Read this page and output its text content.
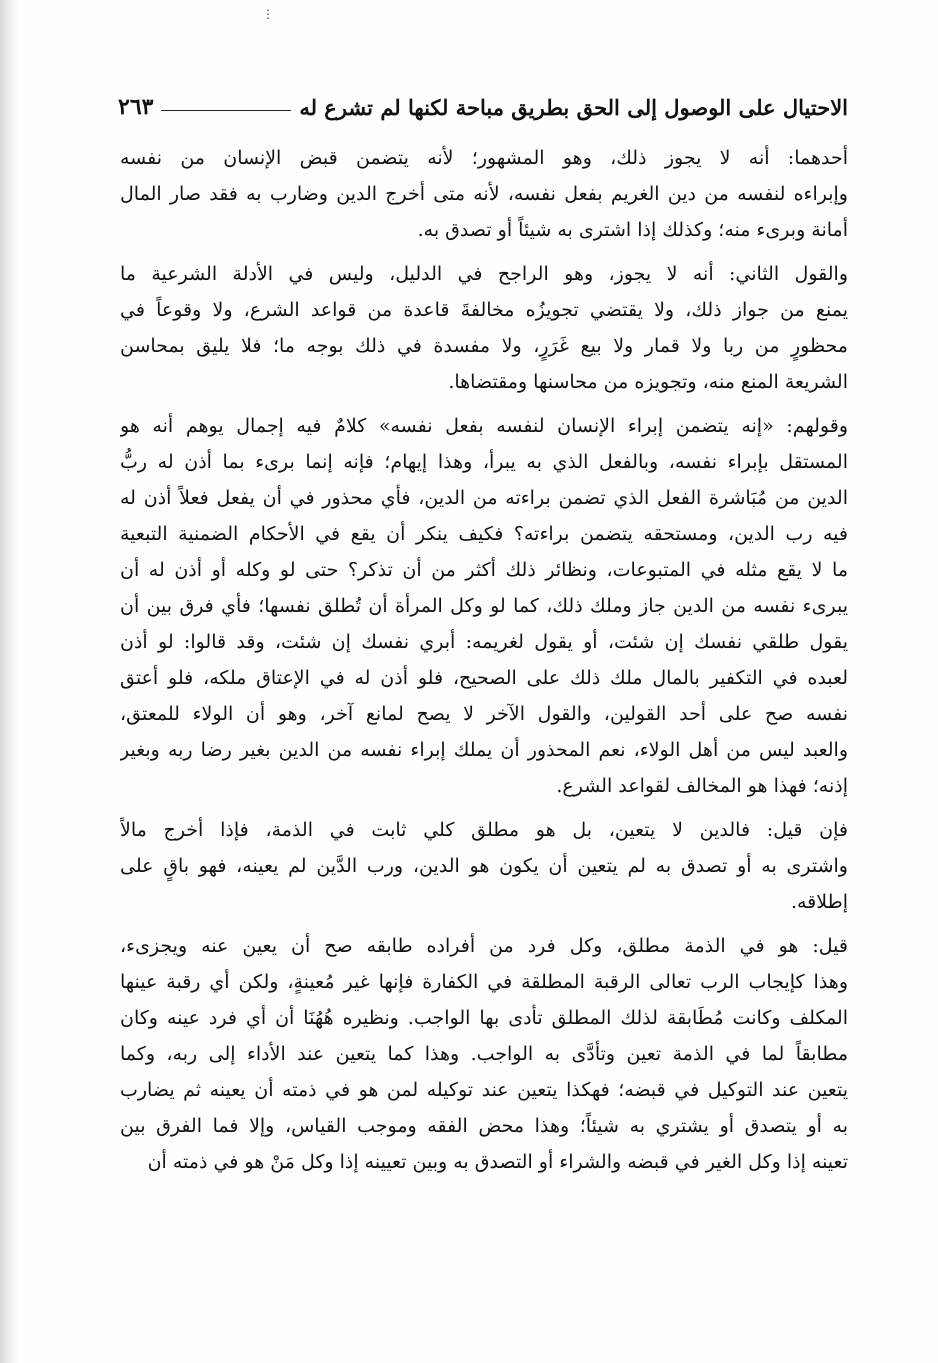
⋮
الاحتيال على الوصول إلى الحق بطريق مباحة لكنها لم تشرع له
٢٦٣
أحدهما: أنه لا يجوز ذلك، وهو المشهور؛ لأنه يتضمن قبض الإنسان من نفسه
وإبراءه لنفسه من دين الغريم بفعل نفسه، لأنه متى أخرج الدين وضارب به فقد صار المال
أمانة وبرىء منه؛ وكذلك إذا اشترى به شيئاً أو تصدق به.
والقول الثاني: أنه لا يجوز، وهو الراجح في الدليل، وليس في الأدلة الشرعية ما
يمنع من جواز ذلك، ولا يقتضي تجويزُه مخالفةَ قاعدة من قواعد الشرع، ولا وقوعاً في
محظورٍ من ربا ولا قمار ولا بيع غَرَرٍ، ولا مفسدة في ذلك بوجه ما؛ فلا يليق بمحاسن
الشريعة المنع منه، وتجويزه من محاسنها ومقتضاها.
وقولهم: «إنه يتضمن إبراء الإنسان لنفسه بفعل نفسه» كلامٌ فيه إجمال يوهم أنه هو
المستقل بإبراء نفسه، وبالفعل الذي به يبرأ، وهذا إيهام؛ فإنه إنما برىء بما أذن له ربُّ
الدين من مُبَاشرة الفعل الذي تضمن براءته من الدين، فأي محذور في أن يفعل فعلاً أذن له
فيه رب الدين، ومستحقه يتضمن براءته؟ فكيف ينكر أن يقع في الأحكام الضمنية التبعية
ما لا يقع مثله في المتبوعات، ونظائر ذلك أكثر من أن تذكر؟ حتى لو وكله أو أذن له أن
يبرىء نفسه من الدين جاز وملك ذلك، كما لو وكل المرأة أن تُطلق نفسها؛ فأي فرق بين أن
يقول طلقي نفسك إن شئت، أو يقول لغريمه: أبري نفسك إن شئت، وقد قالوا: لو أذن
لعبده في التكفير بالمال ملك ذلك على الصحيح، فلو أذن له في الإعتاق ملكه، فلو أعتق
نفسه صح على أحد القولين، والقول الآخر لا يصح لمانع آخر، وهو أن الولاء للمعتق،
والعبد ليس من أهل الولاء، نعم المحذور أن يملك إبراء نفسه من الدين بغير رضا ربه وبغير
إذنه؛ فهذا هو المخالف لقواعد الشرع.
فإن قيل: فالدين لا يتعين، بل هو مطلق كلي ثابت في الذمة، فإذا أخرج مالاً
واشترى به أو تصدق به لم يتعين أن يكون هو الدين، ورب الدَّين لم يعينه، فهو باقٍ على
إطلاقه.
قيل: هو في الذمة مطلق، وكل فرد من أفراده طابقه صح أن يعين عنه ويجزىء،
وهذا كإيجاب الرب تعالى الرقبة المطلقة في الكفارة فإنها غير مُعينةٍ، ولكن أي رقبة عينها
المكلف وكانت مُطَابقة لذلك المطلق تأدى بها الواجب. ونظيره هُهُنَا أن أي فرد عينه وكان
مطابقاً لما في الذمة تعين وتأدَّى به الواجب. وهذا كما يتعين عند الأداء إلى ربه، وكما
يتعين عند التوكيل في قبضه؛ فهكذا يتعين عند توكيله لمن هو في ذمته أن يعينه ثم يضارب
به أو يتصدق أو يشتري به شيئاً؛ وهذا محض الفقه وموجب القياس، وإلا فما الفرق بين
تعينه إذا وكل الغير في قبضه والشراء أو التصدق به وبين تعيينه إذا وكل مَنْ هو في ذمته أن
